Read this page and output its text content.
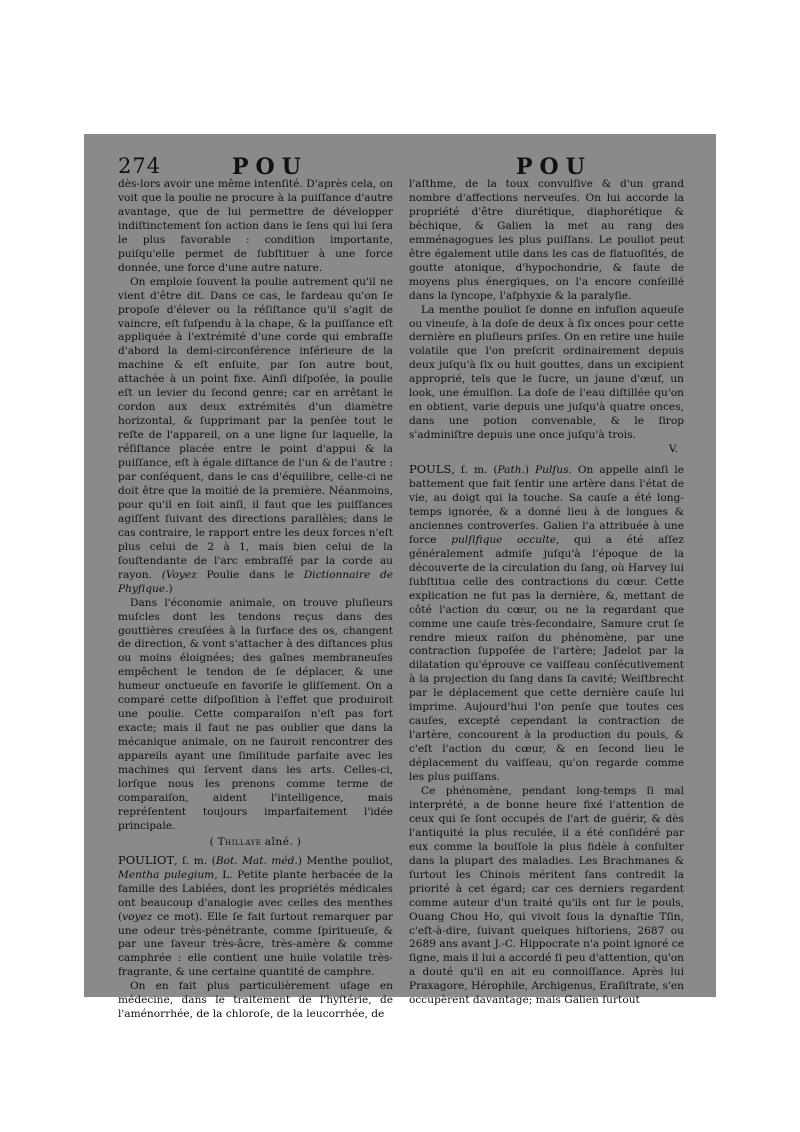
274	POU	POU

dès-lors avoir une même intenſité. D'après cela, on voit que la poulie ne procure à la puiſſance d'autre avantage, que de lui permettre de développer indiſtinctement ſon action dans le ſens qui lui ſera le plus favorable : condition importante, puiſqu'elle permet de ſubſtituer à une force donnée, une force d'une autre nature.

On emploie ſouvent la poulie autrement qu'il ne vient d'être dit. Dans ce cas, le fardeau qu'on ſe propoſe d'élever ou la réſiſtance qu'il s'agit de vaincre, eſt ſuſpendu à la chape, & la puiſſance eſt appliquée à l'extrémité d'une corde qui embraſſe d'abord la demi-circonférence inférieure de la machine & eſt enſuite, par ſon autre bout, attachée à un point fixe. Ainſi diſpoſée, la poulie eſt un levier du ſecond genre; car en arrêtant le cordon aux deux extrémités d'un diamètre horizontal, & ſupprimant par la penſée tout le reſte de l'appareil, on a une ligne ſur laquelle, la réſiſtance placée entre le point d'appui & la puiſſance, eſt à égale diſtance de l'un & de l'autre : par conſéquent, dans le cas d'équilibre, celle-ci ne doit être que la moitié de la première. Néanmoins, pour qu'il en ſoit ainſi, il faut que les puiſſances agiſſent ſuivant des directions parallèles; dans le cas contraire, le rapport entre les deux forces n'eſt plus celui de 2 à 1, mais bien celui de la ſouſtendante de l'arc embraſſé par la corde au rayon. (Voyez Poulie dans le Dictionnaire de Phyſique.)

Dans l'économie animale, on trouve pluſieurs muſcles dont les tendons reçus dans des gouttières creuſées à la ſurface des os, changent de direction, & vont s'attacher à des diſtances plus ou moins éloignées; des gaînes membraneuſes empêchent le tendon de ſe déplacer, & une humeur onctueuſe en favoriſe le gliſſement. On a comparé cette diſpoſition à l'effet que produiroit une poulie. Cette comparaiſon n'eſt pas fort exacte; mais il faut ne pas oublier que dans la mécanique animale, on ne ſauroit rencontrer des appareils ayant une ſimilitude parfaite avec les machines qui ſervent dans les arts. Celles-ci, lorſque nous les prenons comme terme de comparaiſon, aident l'intelligence, mais repréſentent toujours imparfaitement l'idée principale.

( Thillaye aîné. )

POULIOT, ſ. m. (Bot. Mat. méd.) Menthe pouliot, Mentha pulegium, L. Petite plante herbacée de la famille des Labiées, dont les propriétés médicales ont beaucoup d'analogie avec celles des menthes (voyez ce mot). Elle ſe fait ſurtout remarquer par une odeur très-pénétrante, comme ſpiritueuſe, & par une ſaveur très-âcre, très-amère & comme camphrée : elle contient une huile volatile très-fragrante, & une certaine quantité de camphre.

On en fait plus particulièrement uſage en médecine, dans le traitement de l'hyſtérie, de l'aménorrhée, de la chloroſe, de la leucorrhée, de

l'aſthme, de la toux convulſive & d'un grand nombre d'affections nerveuſes. On lui accorde la propriété d'être diurétique, diaphorétique & béchique, & Galien la met au rang des emménagogues les plus puiſſans. Le pouliot peut être également utile dans les cas de flatuoſités, de goutte atonique, d'hypochondrie, & faute de moyens plus énergiques, on l'a encore conſeillé dans la ſyncope, l'aſphyxie & la paralyſie.

La menthe pouliot ſe donne en infuſion aqueuſe ou vineuſe, à la doſe de deux à ſix onces pour cette dernière en pluſieurs priſes. On en retire une huile volatile que l'on preſcrit ordinairement depuis deux juſqu'à ſix ou huit gouttes, dans un excipient approprié, tels que le ſucre, un jaune d'œuf, un look, une émulſion. La doſe de l'eau diſtillée qu'on en obtient, varie depuis une juſqu'à quatre onces, dans une potion convenable, & le ſirop s'adminiſtre depuis une once juſqu'à trois.

V.

POULS, ſ. m. (Path.) Pulſus. On appelle ainſi le battement que fait ſentir une artère dans l'état de vie, au doigt qui la touche. Sa cauſe a été long-temps ignorée, & a donné lieu à de longues & anciennes controverſes. Galien l'a attribuée à une force pulſifique occulte, qui a été aſſez généralement admiſe juſqu'à l'époque de la découverte de la circulation du ſang, où Harvey lui ſubſtitua celle des contractions du cœur. Cette explication ne fut pas la dernière, &, mettant de côté l'action du cœur, ou ne la regardant que comme une cauſe très-ſecondaire, Samure crut ſe rendre mieux raiſon du phénomène, par une contraction ſuppoſée de l'artère; Jadelot par la dilatation qu'éprouve ce vaiſſeau conſécutivement à la projection du ſang dans ſa cavité; Weiſtbrecht par le déplacement que cette dernière cauſe lui imprime. Aujourd'hui l'on penſe que toutes ces cauſes, excepté cependant la contraction de l'artère, concourent à la production du pouls, & c'eſt l'action du cœur, & en ſecond lieu le déplacement du vaiſſeau, qu'on regarde comme les plus puiſſans.

Ce phénomène, pendant long-temps ſi mal interprété, a de bonne heure fixé l'attention de ceux qui ſe ſont occupés de l'art de guérir, & dès l'antiquité la plus reculée, il a été conſidéré par eux comme la bouſſole la plus fidèle à conſulter dans la plupart des maladies. Les Brachmanes & ſurtout les Chinois méritent ſans contredit la priorité à cet égard; car ces derniers regardent comme auteur d'un traité qu'ils ont ſur le pouls, Ouang Chou Ho, qui vivoit ſous la dynaſtie Tſin, c'eſt-à-dire, ſuivant quelques hiſtoriens, 2687 ou 2689 ans avant J.-C. Hippocrate n'a point ignoré ce ſigne, mais il lui a accordé ſi peu d'attention, qu'on a douté qu'il en ait eu connoiſſance. Après lui Praxagore, Hérophile, Archigenus, Eraſiſtrate, s'en occupèrent davantage; mais Galien ſurtout
